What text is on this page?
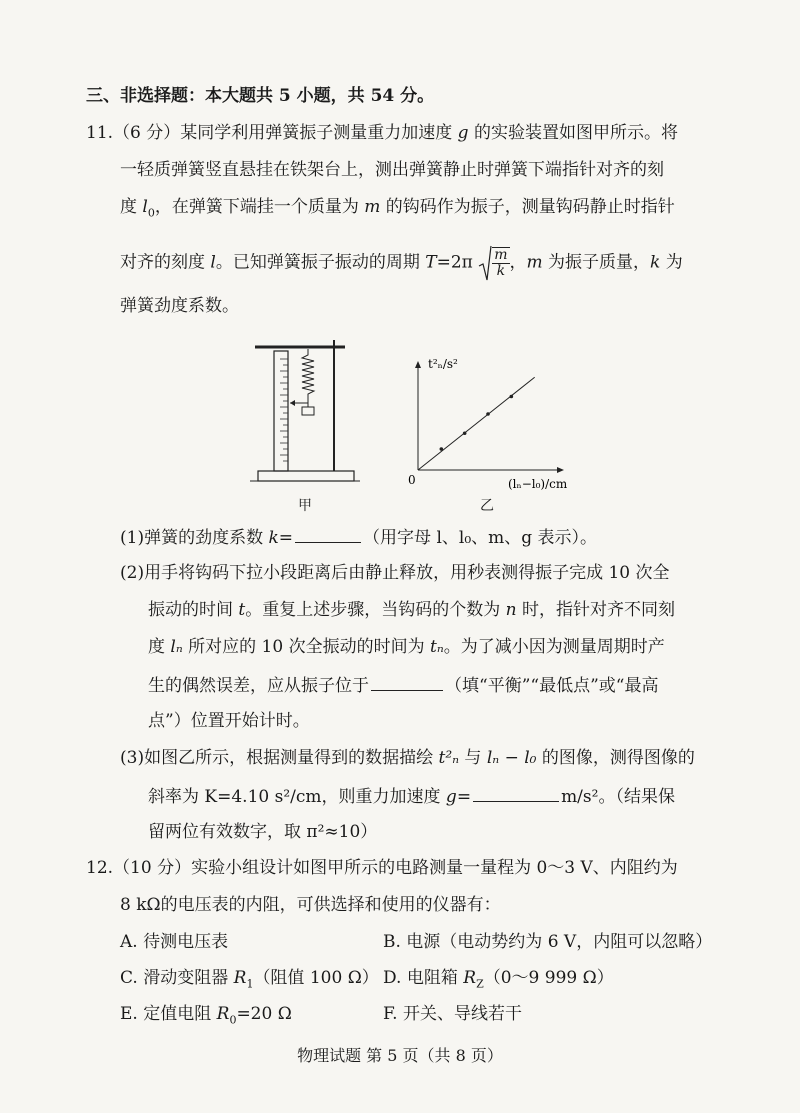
三、非选择题：本大题共 5 小题，共 54 分。
11.（6 分）某同学利用弹簧振子测量重力加速度 g 的实验装置如图甲所示。将
一轻质弹簧竖直悬挂在铁架台上，测出弹簧静止时弹簧下端指针对齐的刻
度 $l_0$，在弹簧下端挂一个质量为 m 的钩码作为振子，测量钩码静止时指针
对齐的刻度 l。已知弹簧振子振动的周期 $T=2\pi \frac{m}{k}$ ，m 为振子质量，k 为
弹簧劲度系数。
甲
t²ₙ/s²
0	(lₙ−l₀)/cm
乙
(1)弹簧的劲度系数 k=	（用字母 l、l₀、m、g 表示）。
(2)用手将钩码下拉小段距离后由静止释放，用秒表测得振子完成 10 次全
振动的时间 t。重复上述步骤，当钩码的个数为 n 时，指针对齐不同刻
度 lₙ 所对应的 10 次全振动的时间为 tₙ。为了减小因为测量周期时产
生的偶然误差，应从振子位于	（填“平衡”“最低点”或“最高
点”）位置开始计时。
(3)如图乙所示，根据测量得到的数据描绘 t²ₙ 与 lₙ − l₀ 的图像，测得图像的
斜率为 K=4.10 s²/cm，则重力加速度 g=	m/s²。（结果保
留两位有效数字，取 π²≈10）
12.（10 分）实验小组设计如图甲所示的电路测量一量程为 0～3 V、内阻约为
8 kΩ的电压表的内阻，可供选择和使用的仪器有：
A. 待测电压表	B. 电源（电动势约为 6 V，内阻可以忽略）
C. 滑动变阻器 $R_1$（阻值 100 Ω） D. 电阻箱 $R_Z(0\sim 9$ 999 Ω）
E. 定值电阻 $R_0=20$ Ω	F. 开关、导线若干
物理试题 第 5 页（共 8 页）
